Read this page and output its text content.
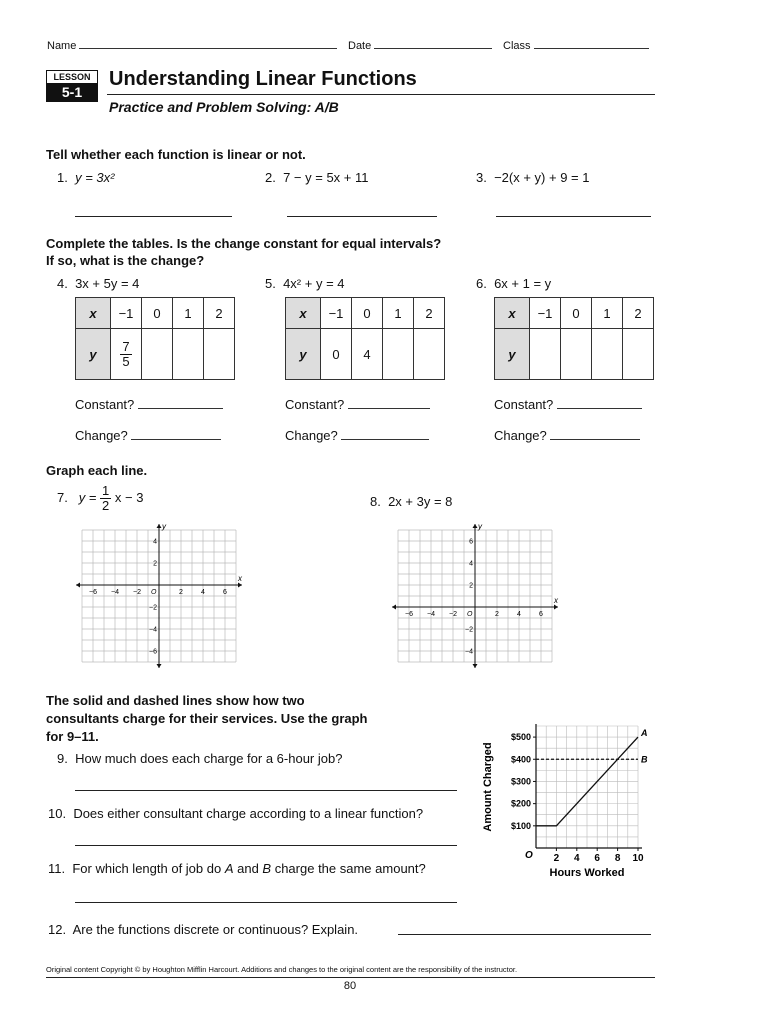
Name	Date	Class
LESSON
5-1
Understanding Linear Functions
Practice and Problem Solving: A/B
Tell whether each function is linear or not.
1. y = 3x²	2. 7 − y = 5x + 11	3. −2(x + y) + 9 = 1
Complete the tables. Is the change constant for equal intervals?
If so, what is the change?
4. 3x + 5y = 4	5. 4x² + y = 4	6. 6x + 1 = y
x	−1	0	1	2
y	$\frac{7}{5}$

x	−1	0	1	2
y	0	4		
x	−1	0	1	2
y				
Constant?	Constant?	Constant?
Change?	Change?	Change?
Graph each line.
7. $y = \frac{1}{2}$ x − 3	8. 2x + 3y = 8
x
y
O
−6 −4 −2	2	4	6
4
2
−2
−4
−6
x
y
O
−6 −4 −2	2	4	6
6
4
2
−2
−4
The solid and dashed lines show how two
consultants charge for their services. Use the graph
for 9–11.
9. How much does each charge for a 6-hour job?
10. Does either consultant charge according to a linear function?
11. For which length of job do A and B charge the same amount?
12. Are the functions discrete or continuous? Explain.
$100
$200
$300
$400
$500
2 4 6 8 10
O
Hours Worked
Amount Charged
A
B
Original content Copyright © by Houghton Mifflin Harcourt. Additions and changes to the original content are the responsibility of the instructor.
80
